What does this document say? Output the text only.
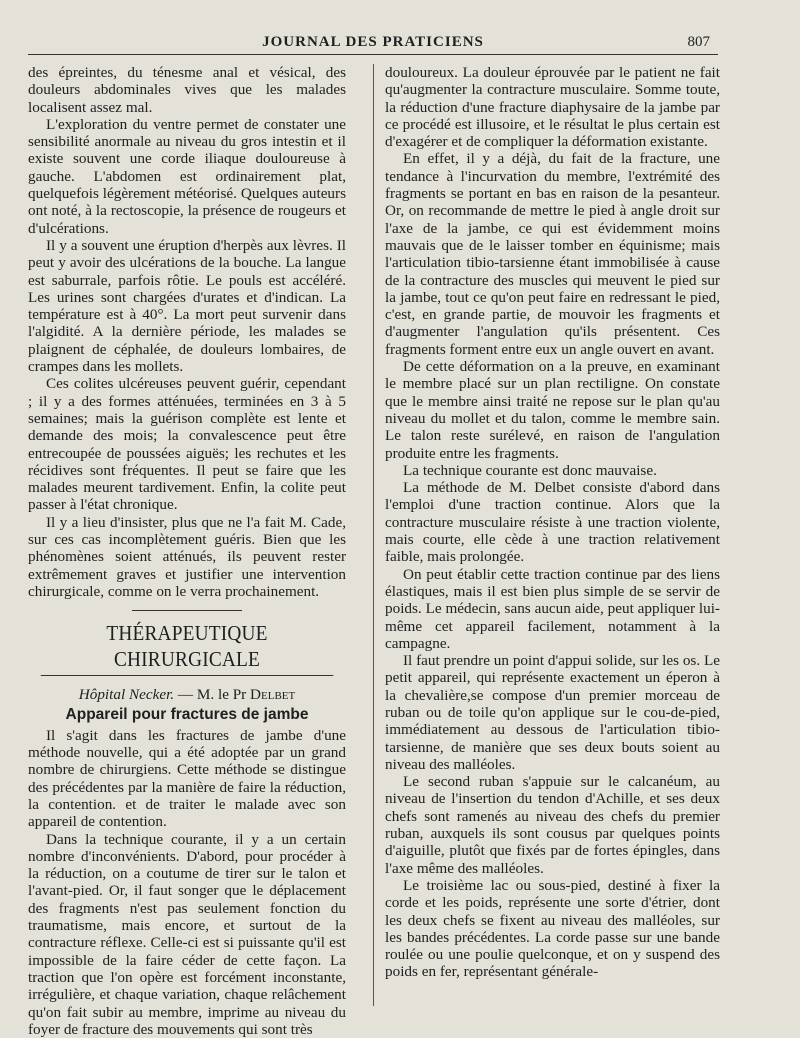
JOURNAL DES PRATICIENS	807

des épreintes, du ténesme anal et vésical, des douleurs abdominales vives que les malades localisent assez mal.

L'exploration du ventre permet de constater une sensibilité anormale au niveau du gros intestin et il existe souvent une corde iliaque douloureuse à gauche. L'abdomen est ordinairement plat, quelquefois légèrement météorisé. Quelques auteurs ont noté, à la rectoscopie, la présence de rougeurs et d'ulcérations.

Il y a souvent une éruption d'herpès aux lèvres. Il peut y avoir des ulcérations de la bouche. La langue est saburrale, parfois rôtie. Le pouls est accéléré. Les urines sont chargées d'urates et d'indican. La température est à 40°. La mort peut survenir dans l'algidité. A la dernière période, les malades se plaignent de céphalée, de douleurs lombaires, de crampes dans les mollets.

Ces colites ulcéreuses peuvent guérir, cependant ; il y a des formes atténuées, terminées en 3 à 5 semaines; mais la guérison complète est lente et demande des mois; la convalescence peut être entrecoupée de poussées aiguës; les rechutes et les récidives sont fréquentes. Il peut se faire que les malades meurent tardivement. Enfin, la colite peut passer à l'état chronique.

Il y a lieu d'insister, plus que ne l'a fait M. Cade, sur ces cas incomplètement guéris. Bien que les phénomènes soient atténués, ils peuvent rester extrêmement graves et justifier une intervention chirurgicale, comme on le verra prochainement.

THÉRAPEUTIQUE CHIRURGICALE
Hôpital Necker. — M. le Pr Delbet
Appareil pour fractures de jambe

Il s'agit dans les fractures de jambe d'une méthode nouvelle, qui a été adoptée par un grand nombre de chirurgiens. Cette méthode se distingue des précédentes par la manière de faire la réduction, la contention. et de traiter le malade avec son appareil de contention.

Dans la technique courante, il y a un certain nombre d'inconvénients. D'abord, pour procéder à la réduction, on a coutume de tirer sur le talon et l'avant-pied. Or, il faut songer que le déplacement des fragments n'est pas seulement fonction du traumatisme, mais encore, et surtout de la contracture réflexe. Celle-ci est si puissante qu'il est impossible de la faire céder de cette façon. La traction que l'on opère est forcément inconstante, irrégulière, et chaque variation, chaque relâchement qu'on fait subir au membre, imprime au niveau du foyer de fracture des mouvements qui sont très

douloureux. La douleur éprouvée par le patient ne fait qu'augmenter la contracture musculaire. Somme toute, la réduction d'une fracture diaphysaire de la jambe par ce procédé est illusoire, et le résultat le plus certain est d'exagérer et de compliquer la déformation existante.

En effet, il y a déjà, du fait de la fracture, une tendance à l'incurvation du membre, l'extrémité des fragments se portant en bas en raison de la pesanteur. Or, on recommande de mettre le pied à angle droit sur l'axe de la jambe, ce qui est évidemment moins mauvais que de le laisser tomber en équinisme; mais l'articulation tibio-tarsienne étant immobilisée à cause de la contracture des muscles qui meuvent le pied sur la jambe, tout ce qu'on peut faire en redressant le pied, c'est, en grande partie, de mouvoir les fragments et d'augmenter l'angulation qu'ils présentent. Ces fragments forment entre eux un angle ouvert en avant.

De cette déformation on a la preuve, en examinant le membre placé sur un plan rectiligne. On constate que le membre ainsi traité ne repose sur le plan qu'au niveau du mollet et du talon, comme le membre sain. Le talon reste surélevé, en raison de l'angulation produite entre les fragments.

La technique courante est donc mauvaise.

La méthode de M. Delbet consiste d'abord dans l'emploi d'une traction continue. Alors que la contracture musculaire résiste à une traction violente, mais courte, elle cède à une traction relativement faible, mais prolongée.

On peut établir cette traction continue par des liens élastiques, mais il est bien plus simple de se servir de poids. Le médecin, sans aucun aide, peut appliquer lui-même cet appareil facilement, notamment à la campagne.

Il faut prendre un point d'appui solide, sur les os. Le petit appareil, qui représente exactement un éperon à la chevalière,se compose d'un premier morceau de ruban ou de toile qu'on applique sur le cou-de-pied, immédiatement au dessous de l'articulation tibio-tarsienne, de manière que ses deux bouts soient au niveau des malléoles.

Le second ruban s'appuie sur le calcanéum, au niveau de l'insertion du tendon d'Achille, et ses deux chefs sont ramenés au niveau des chefs du premier ruban, auxquels ils sont cousus par quelques points d'aiguille, plutôt que fixés par de fortes épingles, dans l'axe même des malléoles.

Le troisième lac ou sous-pied, destiné à fixer la corde et les poids, représente une sorte d'étrier, dont les deux chefs se fixent au niveau des malléoles, sur les bandes précédentes. La corde passe sur une bande roulée ou une poulie quelconque, et on y suspend des poids en fer, représentant générale-
